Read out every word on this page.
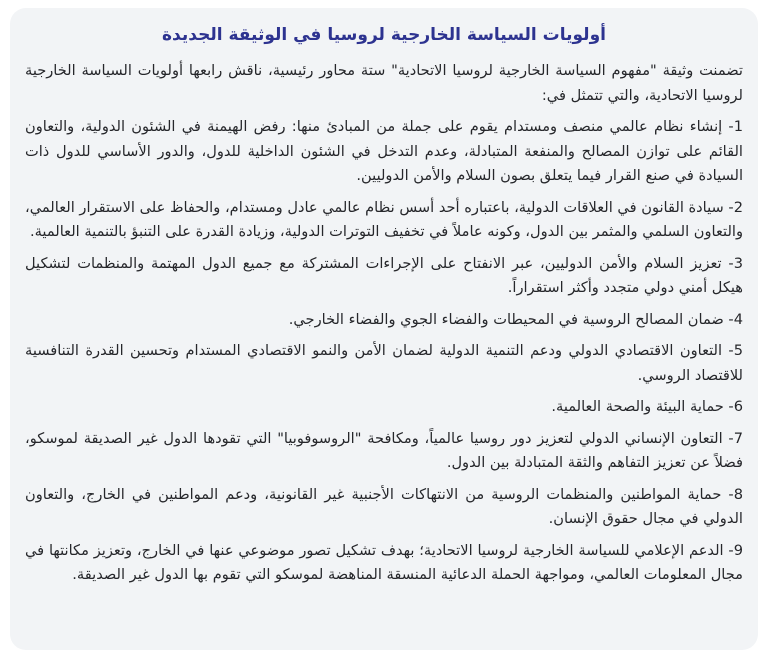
أولويات السياسة الخارجية لروسيا في الوثيقة الجديدة

تضمنت وثيقة "مفهوم السياسة الخارجية لروسيا الاتحادية" ستة محاور رئيسية، ناقش رابعها أولويات السياسة الخارجية لروسيا الاتحادية، والتي تتمثل في:

1- إنشاء نظام عالمي منصف ومستدام يقوم على جملة من المبادئ منها: رفض الهيمنة في الشئون الدولية، والتعاون القائم على توازن المصالح والمنفعة المتبادلة، وعدم التدخل في الشئون الداخلية للدول، والدور الأساسي للدول ذات السيادة في صنع القرار فيما يتعلق بصون السلام والأمن الدوليين.

2- سيادة القانون في العلاقات الدولية، باعتباره أحد أسس نظام عالمي عادل ومستدام، والحفاظ على الاستقرار العالمي، والتعاون السلمي والمثمر بين الدول، وكونه عاملاً في تخفيف التوترات الدولية، وزيادة القدرة على التنبؤ بالتنمية العالمية.

3- تعزيز السلام والأمن الدوليين، عبر الانفتاح على الإجراءات المشتركة مع جميع الدول المهتمة والمنظمات لتشكيل هيكل أمني دولي متجدد وأكثر استقراراً.

4- ضمان المصالح الروسية في المحيطات والفضاء الجوي والفضاء الخارجي.

5- التعاون الاقتصادي الدولي ودعم التنمية الدولية لضمان الأمن والنمو الاقتصادي المستدام وتحسين القدرة التنافسية للاقتصاد الروسي.

6- حماية البيئة والصحة العالمية.

7- التعاون الإنساني الدولي لتعزيز دور روسيا عالمياً، ومكافحة "الروسوفوبيا" التي تقودها الدول غير الصديقة لموسكو، فضلاً عن تعزيز التفاهم والثقة المتبادلة بين الدول.

8- حماية المواطنين والمنظمات الروسية من الانتهاكات الأجنبية غير القانونية، ودعم المواطنين في الخارج، والتعاون الدولي في مجال حقوق الإنسان.

9- الدعم الإعلامي للسياسة الخارجية لروسيا الاتحادية؛ بهدف تشكيل تصور موضوعي عنها في الخارج، وتعزيز مكانتها في مجال المعلومات العالمي، ومواجهة الحملة الدعائية المنسقة المناهضة لموسكو التي تقوم بها الدول غير الصديقة.
